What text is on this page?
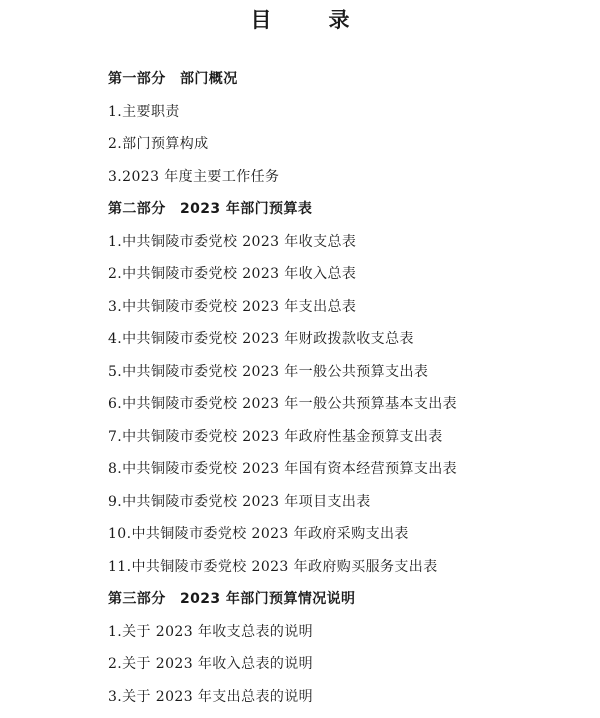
目　录
第一部分　部门概况
1.主要职责
2.部门预算构成
3.2023 年度主要工作任务
第二部分　2023 年部门预算表
1.中共铜陵市委党校 2023 年收支总表
2.中共铜陵市委党校 2023 年收入总表
3.中共铜陵市委党校 2023 年支出总表
4.中共铜陵市委党校 2023 年财政拨款收支总表
5.中共铜陵市委党校 2023 年一般公共预算支出表
6.中共铜陵市委党校 2023 年一般公共预算基本支出表
7.中共铜陵市委党校 2023 年政府性基金预算支出表
8.中共铜陵市委党校 2023 年国有资本经营预算支出表
9.中共铜陵市委党校 2023 年项目支出表
10.中共铜陵市委党校 2023 年政府采购支出表
11.中共铜陵市委党校 2023 年政府购买服务支出表
第三部分　2023 年部门预算情况说明
1.关于 2023 年收支总表的说明
2.关于 2023 年收入总表的说明
3.关于 2023 年支出总表的说明
